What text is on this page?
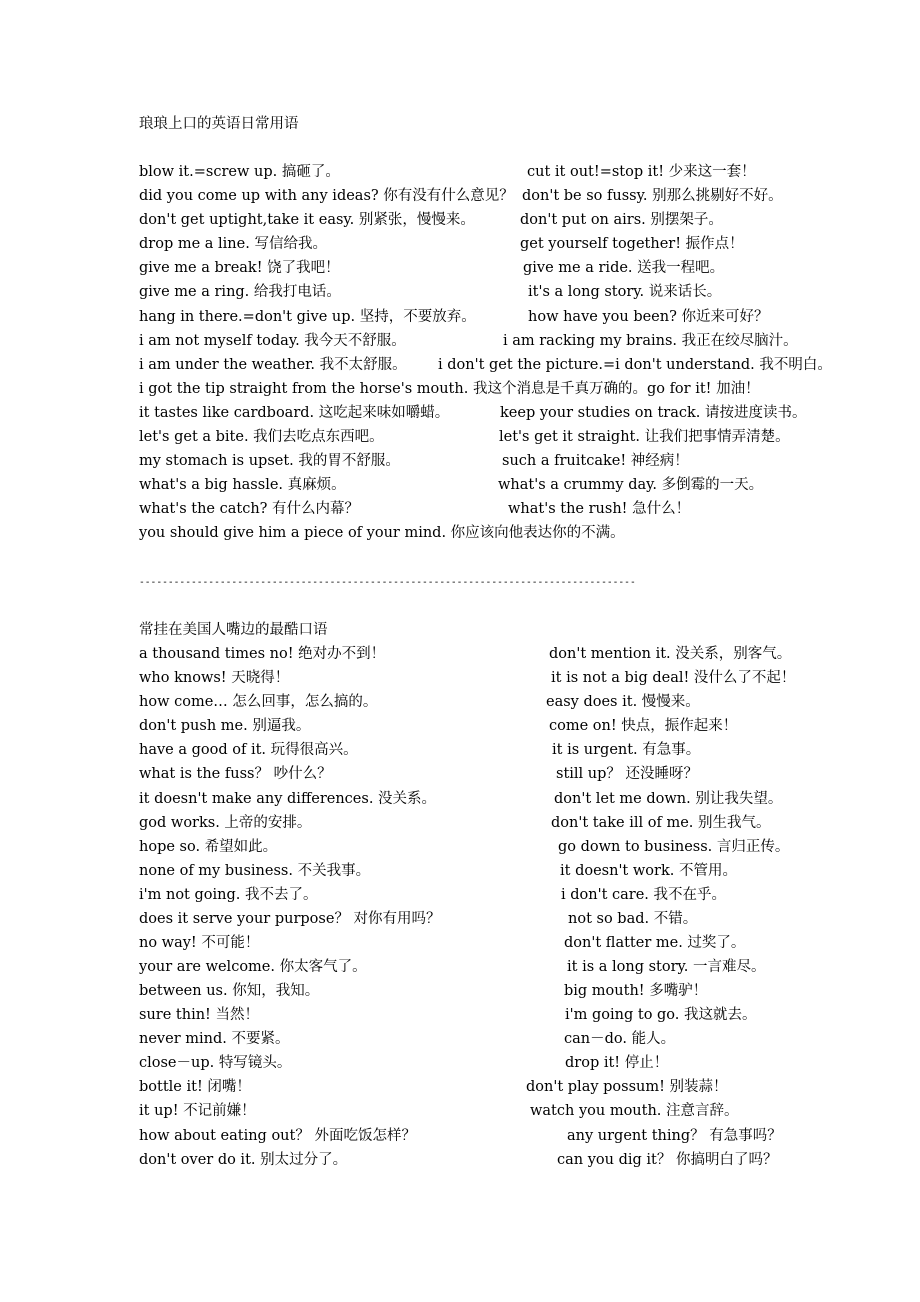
琅琅上口的英语日常用语
blow it.=screw up. 搞砸了。	cut it out!=stop it! 少来这一套！
did you come up with any ideas? 你有没有什么意见？ don't be so fussy. 别那么挑剔好不好。
don't get uptight,take it easy. 别紧张，慢慢来。	don't put on airs. 别摆架子。
drop me a line. 写信给我。	get yourself together! 振作点！
give me a break! 饶了我吧！	give me a ride. 送我一程吧。
give me a ring. 给我打电话。	it's a long story. 说来话长。
hang in there.=don't give up. 坚持，不要放弃。	how have you been? 你近来可好？
i am not myself today. 我今天不舒服。	i am racking my brains. 我正在绞尽脑汁。
i am under the weather. 我不太舒服。 i don't get the picture.=i don't understand. 我不明白。
i got the tip straight from the horse's mouth. 我这个消息是千真万确的。go for it! 加油！
it tastes like cardboard. 这吃起来味如嚼蜡。	keep your studies on track. 请按进度读书。
let's get a bite. 我们去吃点东西吧。	let's get it straight. 让我们把事情弄清楚。
my stomach is upset. 我的胃不舒服。	such a fruitcake! 神经病！
what's a big hassle. 真麻烦。	what's a crummy day. 多倒霉的一天。
what's the catch? 有什么内幕？	what's the rush! 急什么！
you should give him a piece of your mind. 你应该向他表达你的不满。
--------------------------------------------------------------------------------------
常挂在美国人嘴边的最酷口语
a thousand times no! 绝对办不到！	don't mention it. 没关系，别客气。
who knows! 天晓得！	it is not a big deal! 没什么了不起！
how come… 怎么回事，怎么搞的。	easy does it. 慢慢来。
don't push me. 别逼我。	come on! 快点，振作起来！
have a good of it. 玩得很高兴。	it is urgent. 有急事。
what is the fuss？ 吵什么？	still up？ 还没睡呀？
it doesn't make any differences. 没关系。	don't let me down. 别让我失望。
god works. 上帝的安排。	don't take ill of me. 别生我气。
hope so. 希望如此。	go down to business. 言归正传。
none of my business. 不关我事。	it doesn't work. 不管用。
i'm not going. 我不去了。	i don't care. 我不在乎。
does it serve your purpose？ 对你有用吗？	not so bad. 不错。
no way! 不可能！	don't flatter me. 过奖了。
your are welcome. 你太客气了。	it is a long story. 一言难尽。
between us. 你知，我知。	big mouth! 多嘴驴！
sure thin! 当然！	i'm going to go. 我这就去。
never mind. 不要紧。	can－do. 能人。
close－up. 特写镜头。	drop it! 停止！
bottle it! 闭嘴！	don't play possum! 别装蒜！
it up! 不记前嫌！	watch you mouth. 注意言辞。
how about eating out？ 外面吃饭怎样？	any urgent thing？ 有急事吗？
don't over do it. 别太过分了。	can you dig it？ 你搞明白了吗？
